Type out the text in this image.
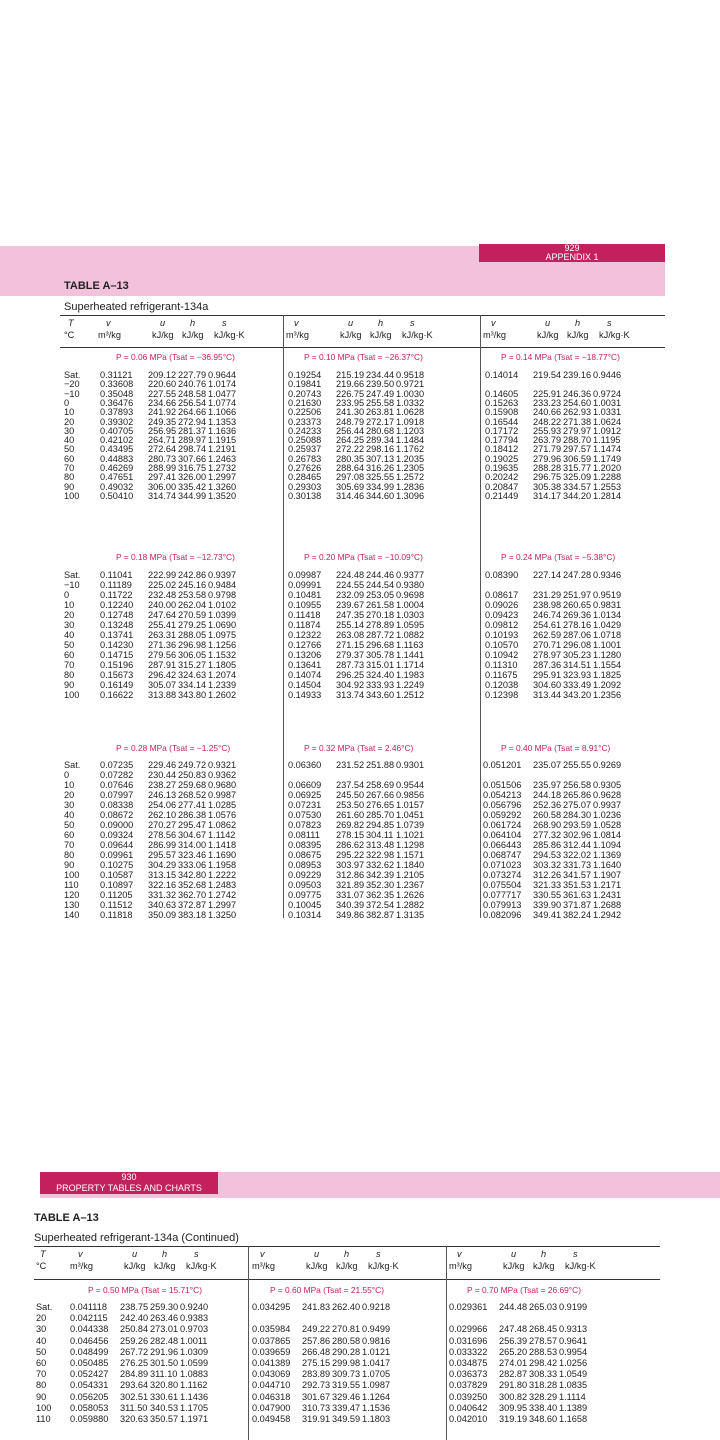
929
APPENDIX 1
TABLE A–13
Superheated refrigerant-134a
930
PROPERTY TABLES AND CHARTS
TABLE A–13
Superheated refrigerant-134a (Continued)
T
°C
v
m³/kg
u
kJ/kg
h
kJ/kg
s
kJ/kg·K
v
m³/kg
u
kJ/kg
h
kJ/kg
s
kJ/kg·K
v
m³/kg
u
kJ/kg
h
kJ/kg
s
kJ/kg·K
Sat.
−20
−10
0
10
20
30
40
50
60
70
80
90
100
P = 0.06 MPa (Tsat = −36.95°C)
0.31121 209.12 227.79 0.9644
0.33608 220.60 240.76 1.0174
0.35048 227.55 248.58 1.0477
0.36476 234.66 256.54 1.0774
0.37893 241.92 264.66 1.1066
0.39302 249.35 272.94 1.1353
0.40705 256.95 281.37 1.1636
0.42102 264.71 289.97 1.1915
0.43495 272.64 298.74 1.2191
0.44883 280.73 307.66 1.2463
0.46269 288.99 316.75 1.2732
0.47651 297.41 326.00 1.2997
0.49032 306.00 335.42 1.3260
0.50410 314.74 344.99 1.3520
P = 0.10 MPa (Tsat = −26.37°C)
0.19254 215.19 234.44 0.9518
0.19841 219.66 239.50 0.9721
0.20743 226.75 247.49 1.0030
0.21630 233.95 255.58 1.0332
0.22506 241.30 263.81 1.0628
0.23373 248.79 272.17 1.0918
0.24233 256.44 280.68 1.1203
0.25088 264.25 289.34 1.1484
0.25937 272.22 298.16 1.1762
0.26783 280.35 307.13 1.2035
0.27626 288.64 316.26 1.2305
0.28465 297.08 325.55 1.2572
0.29303 305.69 334.99 1.2836
0.30138 314.46 344.60 1.3096
P = 0.14 MPa (Tsat = −18.77°C)
0.14014 219.54 239.16 0.9446
0.14605 225.91 246.36 0.9724
0.15263 233.23 254.60 1.0031
0.15908 240.66 262.93 1.0331
0.16544 248.22 271.38 1.0624
0.17172 255.93 279.97 1.0912
0.17794 263.79 288.70 1.1195
0.18412 271.79 297.57 1.1474
0.19025 279.96 306.59 1.1749
0.19635 288.28 315.77 1.2020
0.20242 296.75 325.09 1.2288
0.20847 305.38 334.57 1.2553
0.21449 314.17 344.20 1.2814
Sat.
−10
0
10
20
30
40
50
60
70
80
90
100
P = 0.18 MPa (Tsat = −12.73°C)
0.11041 222.99 242.86 0.9397
0.11189 225.02 245.16 0.9484
0.11722 232.48 253.58 0.9798
0.12240 240.00 262.04 1.0102
0.12748 247.64 270.59 1.0399
0.13248 255.41 279.25 1.0690
0.13741 263.31 288.05 1.0975
0.14230 271.36 296.98 1.1256
0.14715 279.56 306.05 1.1532
0.15196 287.91 315.27 1.1805
0.15673 296.42 324.63 1.2074
0.16149 305.07 334.14 1.2339
0.16622 313.88 343.80 1.2602
P = 0.20 MPa (Tsat = −10.09°C)
0.09987 224.48 244.46 0.9377
0.09991 224.55 244.54 0.9380
0.10481 232.09 253.05 0.9698
0.10955 239.67 261.58 1.0004
0.11418 247.35 270.18 1.0303
0.11874 255.14 278.89 1.0595
0.12322 263.08 287.72 1.0882
0.12766 271.15 296.68 1.1163
0.13206 279.37 305.78 1.1441
0.13641 287.73 315.01 1.1714
0.14074 296.25 324.40 1.1983
0.14504 304.92 333.93 1.2249
0.14933 313.74 343.60 1.2512
P = 0.24 MPa (Tsat = −5.38°C)
0.08390 227.14 247.28 0.9346
0.08617 231.29 251.97 0.9519
0.09026 238.98 260.65 0.9831
0.09423 246.74 269.36 1.0134
0.09812 254.61 278.16 1.0429
0.10193 262.59 287.06 1.0718
0.10570 270.71 296.08 1.1001
0.10942 278.97 305.23 1.1280
0.11310 287.36 314.51 1.1554
0.11675 295.91 323.93 1.1825
0.12038 304.60 333.49 1.2092
0.12398 313.44 343.20 1.2356
Sat.
0
10
20
30
40
50
60
70
80
90
100
110
120
130
140
P = 0.28 MPa (Tsat = −1.25°C)
0.07235 229.46 249.72 0.9321
0.07282 230.44 250.83 0.9362
0.07646 238.27 259.68 0.9680
0.07997 246.13 268.52 0.9987
0.08338 254.06 277.41 1.0285
0.08672 262.10 286.38 1.0576
0.09000 270.27 295.47 1.0862
0.09324 278.56 304.67 1.1142
0.09644 286.99 314.00 1.1418
0.09961 295.57 323.46 1.1690
0.10275 304.29 333.06 1.1958
0.10587 313.15 342.80 1.2222
0.10897 322.16 352.68 1.2483
0.11205 331.32 362.70 1.2742
0.11512 340.63 372.87 1.2997
0.11818 350.09 383.18 1.3250
P = 0.32 MPa (Tsat = 2.46°C)
0.06360 231.52 251.88 0.9301
0.06609 237.54 258.69 0.9544
0.06925 245.50 267.66 0.9856
0.07231 253.50 276.65 1.0157
0.07530 261.60 285.70 1.0451
0.07823 269.82 294.85 1.0739
0.08111 278.15 304.11 1.1021
0.08395 286.62 313.48 1.1298
0.08675 295.22 322.98 1.1571
0.08953 303.97 332.62 1.1840
0.09229 312.86 342.39 1.2105
0.09503 321.89 352.30 1.2367
0.09775 331.07 362.35 1.2626
0.10045 340.39 372.54 1.2882
0.10314 349.86 382.87 1.3135
P = 0.40 MPa (Tsat = 8.91°C)
0.051201 235.07 255.55 0.9269
0.051506 235.97 256.58 0.9305
0.054213 244.18 265.86 0.9628
0.056796 252.36 275.07 0.9937
0.059292 260.58 284.30 1.0236
0.061724 268.90 293.59 1.0528
0.064104 277.32 302.96 1.0814
0.066443 285.86 312.44 1.1094
0.068747 294.53 322.02 1.1369
0.071023 303.32 331.73 1.1640
0.073274 312.26 341.57 1.1907
0.075504 321.33 351.53 1.2171
0.077717 330.55 361.63 1.2431
0.079913 339.90 371.87 1.2688
0.082096 349.41 382.24 1.2942
T
°C
v
m³/kg
u
kJ/kg
h
kJ/kg
s
kJ/kg·K
v
m³/kg
u
kJ/kg
h
kJ/kg
s
kJ/kg·K
v
m³/kg
u
kJ/kg
h
kJ/kg
s
kJ/kg·K
Sat.
20
30
40
50
60
70
80
90
100
110
P = 0.50 MPa (Tsat = 15.71°C)
0.041118 238.75 259.30 0.9240
0.042115 242.40 263.46 0.9383
0.044338 250.84 273.01 0.9703
0.046456 259.26 282.48 1.0011
0.048499 267.72 291.96 1.0309
0.050485 276.25 301.50 1.0599
0.052427 284.89 311.10 1.0883
0.054331 293.64 320.80 1.1162
0.056205 302.51 330.61 1.1436
0.058053 311.50 340.53 1.1705
0.059880 320.63 350.57 1.1971
P = 0.60 MPa (Tsat = 21.55°C)
0.034295 241.83 262.40 0.9218
0.035984 249.22 270.81 0.9499
0.037865 257.86 280.58 0.9816
0.039659 266.48 290.28 1.0121
0.041389 275.15 299.98 1.0417
0.043069 283.89 309.73 1.0705
0.044710 292.73 319.55 1.0987
0.046318 301.67 329.46 1.1264
0.047900 310.73 339.47 1.1536
0.049458 319.91 349.59 1.1803
P = 0.70 MPa (Tsat = 26.69°C)
0.029361 244.48 265.03 0.9199
0.029966 247.48 268.45 0.9313
0.031696 256.39 278.57 0.9641
0.033322 265.20 288.53 0.9954
0.034875 274.01 298.42 1.0256
0.036373 282.87 308.33 1.0549
0.037829 291.80 318.28 1.0835
0.039250 300.82 328.29 1.1114
0.040642 309.95 338.40 1.1389
0.042010 319.19 348.60 1.1658
